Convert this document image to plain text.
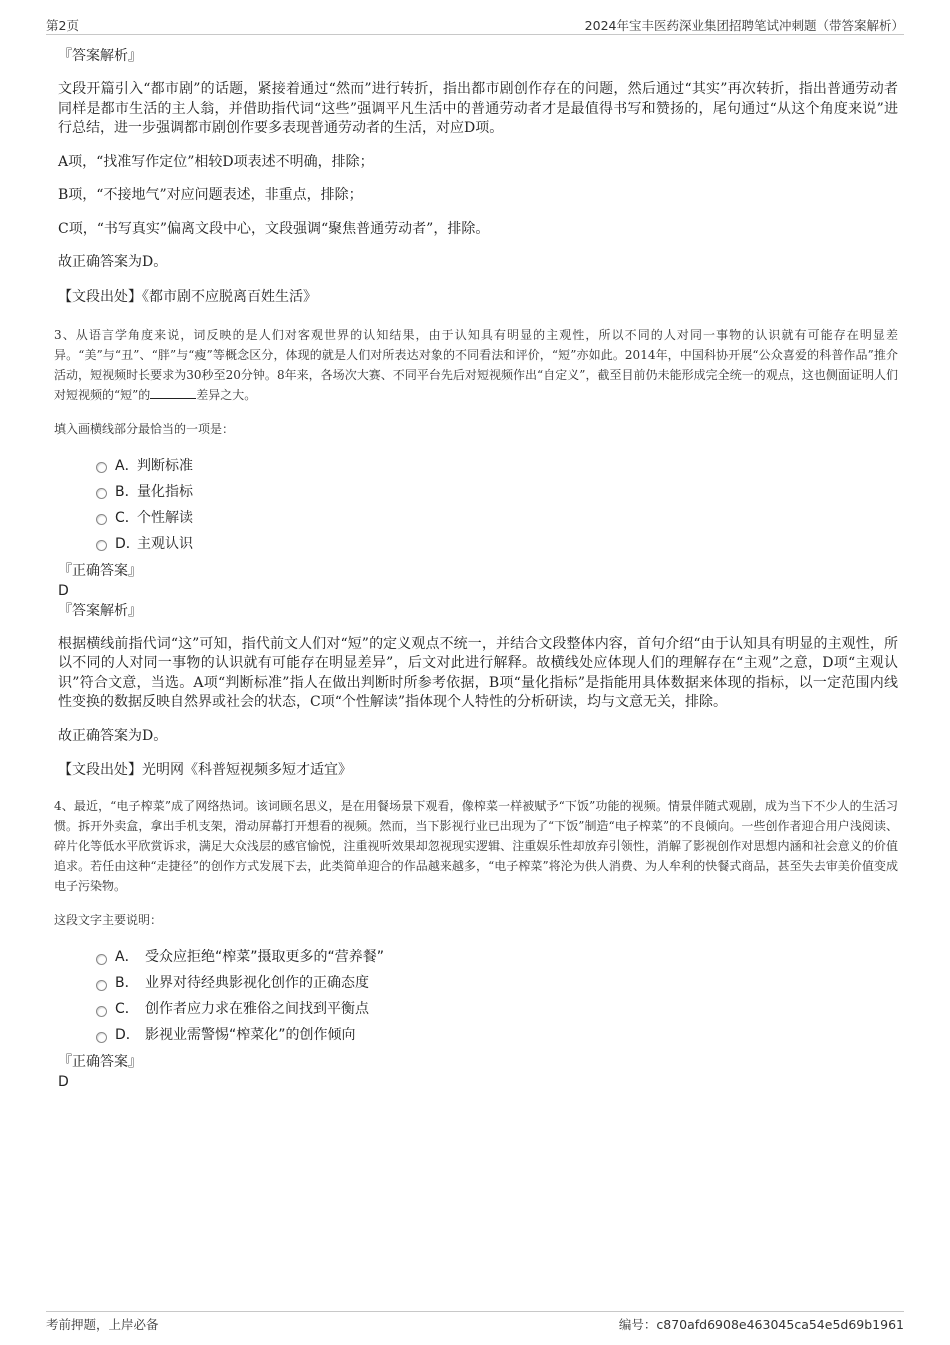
第2页	2024年宝丰医药深业集团招聘笔试冲刺题（带答案解析）

『答案解析』

文段开篇引入“都市剧”的话题，紧接着通过“然而”进行转折，指出都市剧创作存在的问题，然后通过“其实”再次转折，指出普通劳动者同样是都市生活的主人翁，并借助指代词“这些”强调平凡生活中的普通劳动者才是最值得书写和赞扬的，尾句通过“从这个角度来说”进行总结，进一步强调都市剧创作要多表现普通劳动者的生活，对应D项。

A项，“找准写作定位”相较D项表述不明确，排除；

B项，“不接地气”对应问题表述，非重点，排除；

C项，“书写真实”偏离文段中心，文段强调“聚焦普通劳动者”，排除。

故正确答案为D。

【文段出处】《都市剧不应脱离百姓生活》

3、从语言学角度来说，词反映的是人们对客观世界的认知结果，由于认知具有明显的主观性，所以不同的人对同一事物的认识就有可能存在明显差异。“美”与“丑”、“胖”与“瘦”等概念区分，体现的就是人们对所表达对象的不同看法和评价，“短”亦如此。2014年，中国科协开展“公众喜爱的科普作品”推介活动，短视频时长要求为30秒至20分钟。8年来，各场次大赛、不同平台先后对短视频作出“自定义”，截至目前仍未能形成完全统一的观点，这也侧面证明人们对短视频的“短”的	差异之大。

填入画横线部分最恰当的一项是：

A．
判断标准
B．
量化指标
C．
个性解读
D．
主观认识

『正确答案』

D

『答案解析』

根据横线前指代词“这”可知，指代前文人们对“短”的定义观点不统一，并结合文段整体内容，首句介绍“由于认知具有明显的主观性，所以不同的人对同一事物的认识就有可能存在明显差异”，后文对此进行解释。故横线处应体现人们的理解存在“主观”之意，D项“主观认识”符合文意，当选。A项“判断标准”指人在做出判断时所参考依据，B项“量化指标”是指能用具体数据来体现的指标，以一定范围内线性变换的数据反映自然界或社会的状态，C项“个性解读”指体现个人特性的分析研读，均与文意无关，排除。

故正确答案为D。

【文段出处】光明网《科普短视频多短才适宜》

4、最近，“电子榨菜”成了网络热词。该词顾名思义，是在用餐场景下观看，像榨菜一样被赋予“下饭”功能的视频。情景伴随式观剧，成为当下不少人的生活习惯。拆开外卖盒，拿出手机支架，滑动屏幕打开想看的视频。然而，当下影视行业已出现为了“下饭”制造“电子榨菜”的不良倾向。一些创作者迎合用户浅阅读、碎片化等低水平欣赏诉求，满足大众浅层的感官愉悦，注重视听效果却忽视现实逻辑、注重娱乐性却放弃引领性，消解了影视创作对思想内涵和社会意义的价值追求。若任由这种“走捷径”的创作方式发展下去，此类简单迎合的作品越来越多，“电子榨菜”将沦为供人消费、为人牟利的快餐式商品，甚至失去审美价值变成电子污染物。

这段文字主要说明：

A． 受众应拒绝“榨菜”摄取更多的“营养餐”
B． 业界对待经典影视化创作的正确态度
C． 创作者应力求在雅俗之间找到平衡点
D． 影视业需警惕“榨菜化”的创作倾向

『正确答案』

D

考前押题，上岸必备	编号：c870afd6908e463045ca54e5d69b1961
